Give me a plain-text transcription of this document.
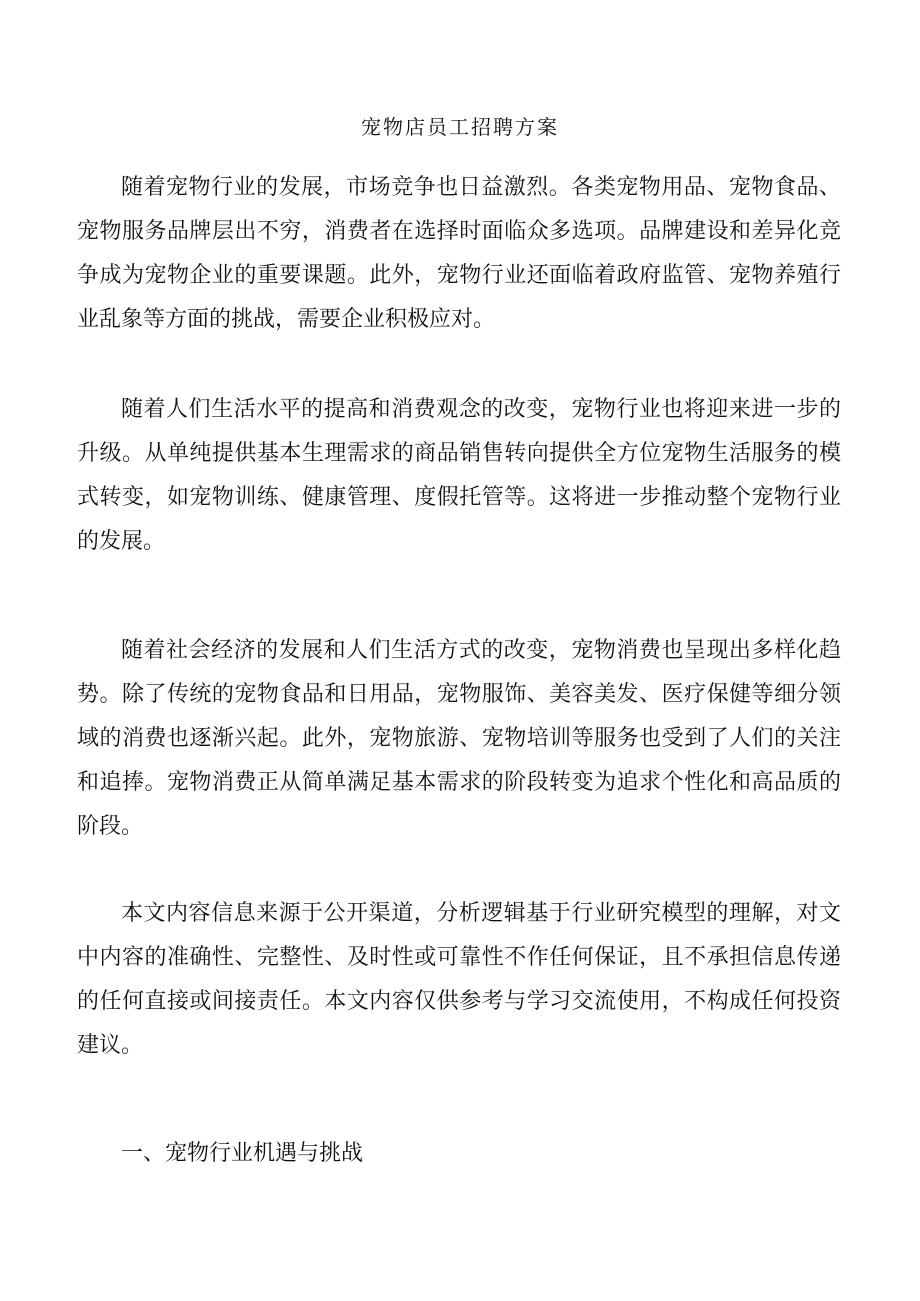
宠物店员工招聘方案

随着宠物行业的发展，市场竞争也日益激烈。各类宠物用品、宠物食品、宠物服务品牌层出不穷，消费者在选择时面临众多选项。品牌建设和差异化竞争成为宠物企业的重要课题。此外，宠物行业还面临着政府监管、宠物养殖行业乱象等方面的挑战，需要企业积极应对。

随着人们生活水平的提高和消费观念的改变，宠物行业也将迎来进一步的升级。从单纯提供基本生理需求的商品销售转向提供全方位宠物生活服务的模式转变，如宠物训练、健康管理、度假托管等。这将进一步推动整个宠物行业的发展。

随着社会经济的发展和人们生活方式的改变，宠物消费也呈现出多样化趋势。除了传统的宠物食品和日用品，宠物服饰、美容美发、医疗保健等细分领域的消费也逐渐兴起。此外，宠物旅游、宠物培训等服务也受到了人们的关注和追捧。宠物消费正从简单满足基本需求的阶段转变为追求个性化和高品质的阶段。

本文内容信息来源于公开渠道，分析逻辑基于行业研究模型的理解，对文中内容的准确性、完整性、及时性或可靠性不作任何保证，且不承担信息传递的任何直接或间接责任。本文内容仅供参考与学习交流使用，不构成任何投资建议。

一、宠物行业机遇与挑战
